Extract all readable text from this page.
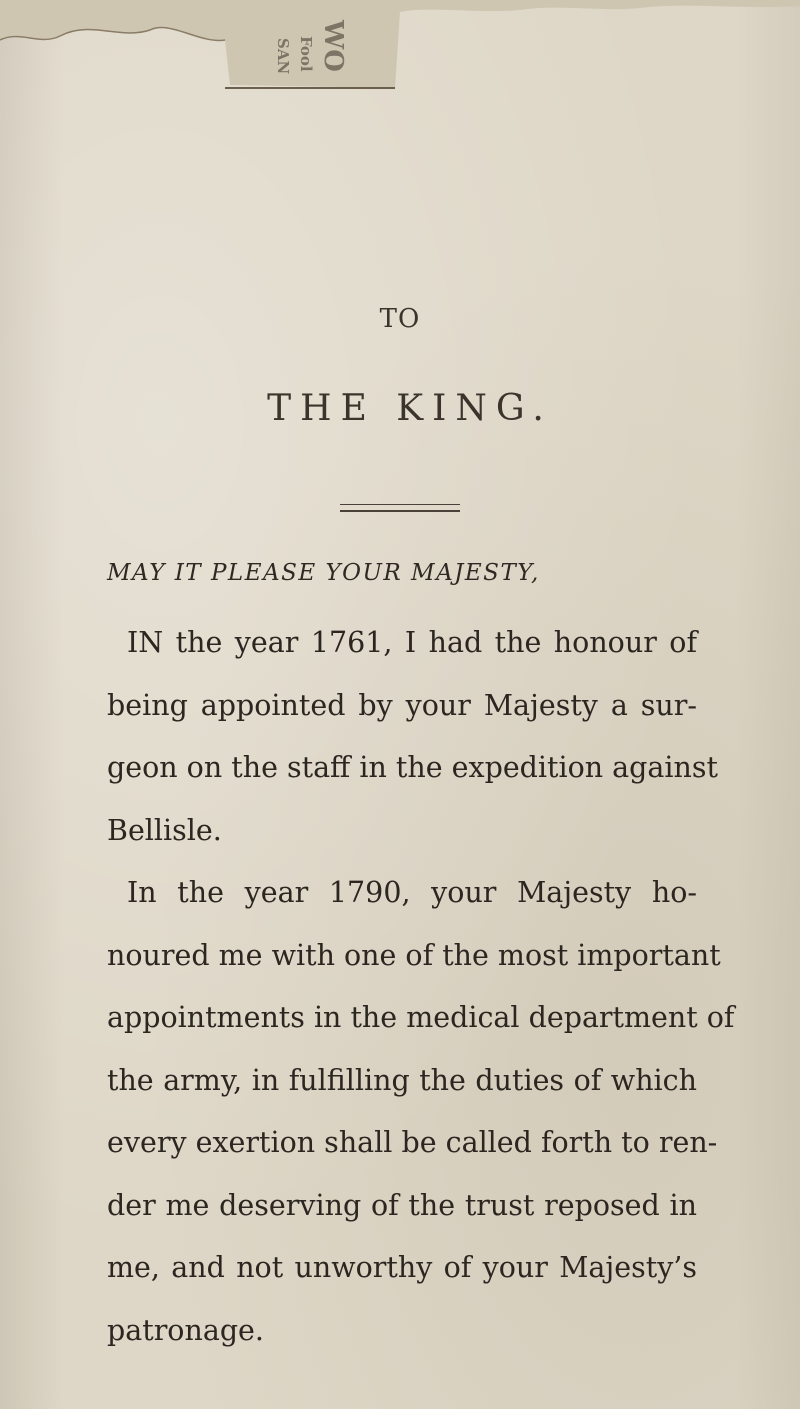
SAN Fool WO
TO
THE KING.
MAY IT PLEASE YOUR MAJESTY,
IN the year 1761, I had the honour of
being appointed by your Majesty a sur-
geon on the staff in the expedition against
Bellisle.
In the year 1790, your Majesty ho-
noured me with one of the most important
appointments in the medical department of
the army, in fulfilling the duties of which
every exertion shall be called forth to ren-
der me deserving of the trust reposed in
me, and not unworthy of your Majesty’s
patronage.
